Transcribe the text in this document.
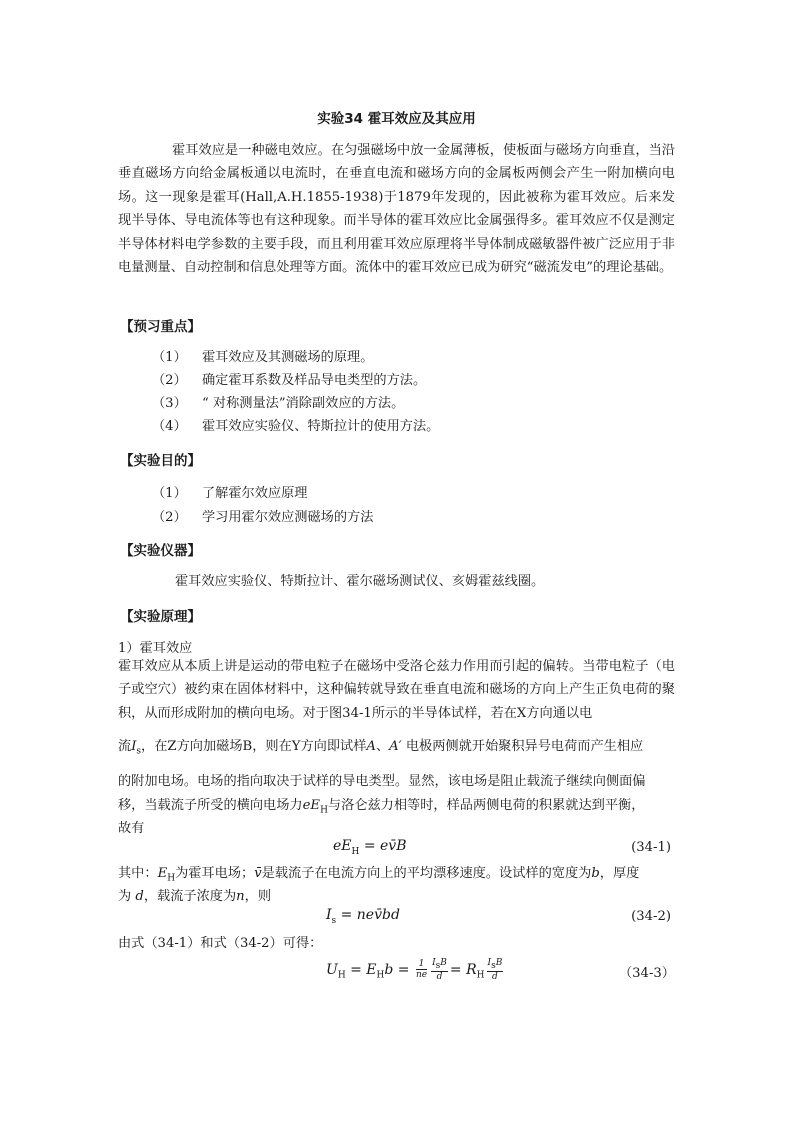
实验34 霍耳效应及其应用
霍耳效应是一种磁电效应。在匀强磁场中放一金属薄板，使板面与磁场方向垂直，当沿垂直磁场方向给金属板通以电流时，在垂直电流和磁场方向的金属板两侧会产生一附加横向电场。这一现象是霍耳(Hall,A.H.1855-1938)于1879年发现的，因此被称为霍耳效应。后来发现半导体、导电流体等也有这种现象。而半导体的霍耳效应比金属强得多。霍耳效应不仅是测定半导体材料电学参数的主要手段，而且利用霍耳效应原理将半导体制成磁敏器件被广泛应用于非电量测量、自动控制和信息处理等方面。流体中的霍耳效应已成为研究“磁流发电”的理论基础。
【预习重点】
（1） 霍耳效应及其测磁场的原理。
（2） 确定霍耳系数及样品导电类型的方法。
（3） “ 对称测量法”消除副效应的方法。
（4） 霍耳效应实验仪、特斯拉计的使用方法。
【实验目的】
（1） 了解霍尔效应原理
（2） 学习用霍尔效应测磁场的方法
【实验仪器】
霍耳效应实验仪、特斯拉计、霍尔磁场测试仪、亥姆霍兹线圈。
【实验原理】
1）霍耳效应
霍耳效应从本质上讲是运动的带电粒子在磁场中受洛仑兹力作用而引起的偏转。当带电粒子（电子或空穴）被约束在固体材料中，这种偏转就导致在垂直电流和磁场的方向上产生正负电荷的聚积，从而形成附加的横向电场。对于图34-1所示的半导体试样，若在X方向通以电
流$I_s$，在Z方向加磁场B，则在Y方向即试样A、A′ 电极两侧就开始聚积异号电荷而产生相应
的附加电场。电场的指向取决于试样的导电类型。显然，该电场是阻止载流子继续向侧面偏
移，当载流子所受的横向电场力$eE_H$与洛仑兹力相等时，样品两侧电荷的积累就达到平衡，
故有
$eE_H$ = ev̄B	(34-1)
其中：$E_H$为霍耳电场；v̄是载流子在电流方向上的平均漂移速度。设试样的宽度为b，厚度
为 d，载流子浓度为n，则
$I_s$ = nev̄bd	(34-2)
由式（34-1）和式（34-2）可得：
$U_H = E_Hb = \frac{1}{ne} \frac{I_sB}{d} = R_H \frac{I_sB}{d}$	（34-3）
